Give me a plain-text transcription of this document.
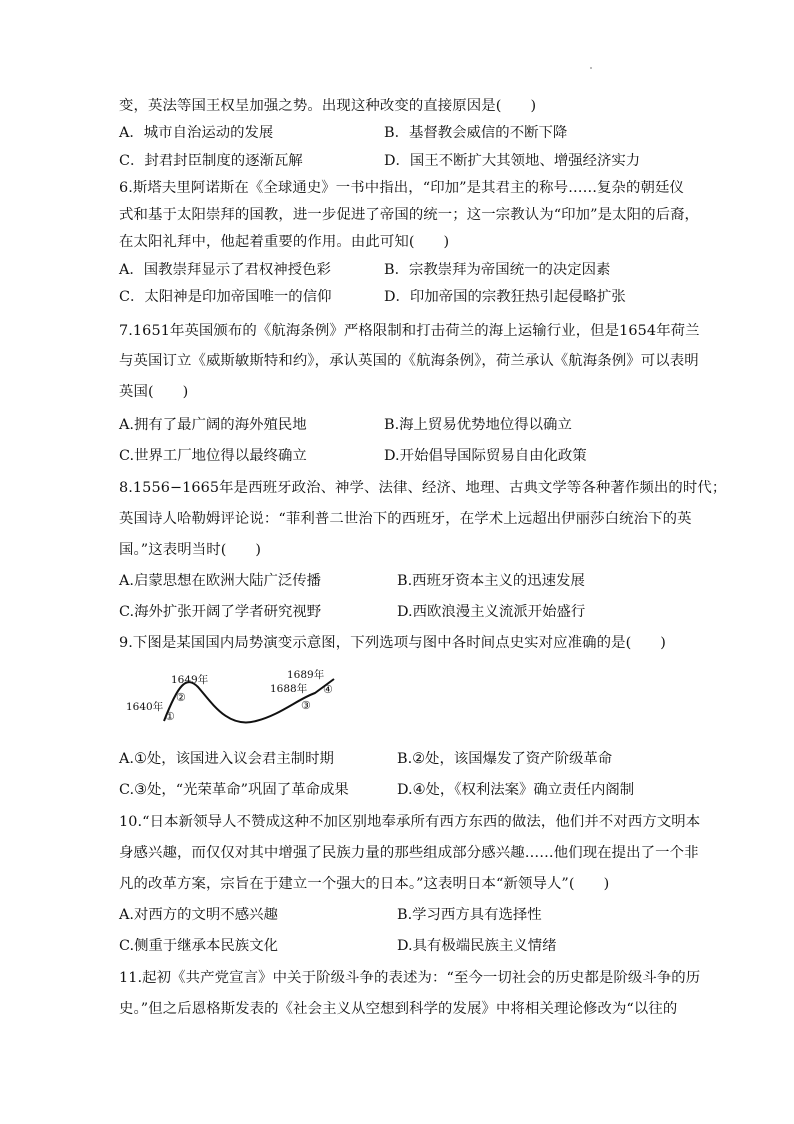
变，英法等国王权呈加强之势。出现这种改变的直接原因是(　　)
A．城市自治运动的发展	B．基督教会威信的不断下降
C．封君封臣制度的逐渐瓦解	D．国王不断扩大其领地、增强经济实力
6.斯塔夫里阿诺斯在《全球通史》一书中指出，“印加”是其君主的称号……复杂的朝廷仪
式和基于太阳崇拜的国教，进一步促进了帝国的统一；这一宗教认为“印加”是太阳的后裔，
在太阳礼拜中，他起着重要的作用。由此可知(　　)
A．国教崇拜显示了君权神授色彩	B．宗教崇拜为帝国统一的决定因素
C．太阳神是印加帝国唯一的信仰	D．印加帝国的宗教狂热引起侵略扩张
7.1651年英国颁布的《航海条例》严格限制和打击荷兰的海上运输行业，但是1654年荷兰
与英国订立《威斯敏斯特和约》，承认英国的《航海条例》，荷兰承认《航海条例》可以表明
英国(　　)
A.拥有了最广阔的海外殖民地	B.海上贸易优势地位得以确立
C.世界工厂地位得以最终确立	D.开始倡导国际贸易自由化政策
8.1556−1665年是西班牙政治、神学、法律、经济、地理、古典文学等各种著作频出的时代；
英国诗人哈勒姆评论说：“菲利普二世治下的西班牙，在学术上远超出伊丽莎白统治下的英
国。”这表明当时(　　)
A.启蒙思想在欧洲大陆广泛传播	B.西班牙资本主义的迅速发展
C.海外扩张开阔了学者研究视野	D.西欧浪漫主义流派开始盛行
9.下图是某国国内局势演变示意图，下列选项与图中各时间点史实对应准确的是(　　)
1640年
1649年
1688年
1689年
①
②
③
④
A.①处，该国进入议会君主制时期	B.②处，该国爆发了资产阶级革命
C.③处，“光荣革命”巩固了革命成果	D.④处，《权利法案》确立责任内阁制
10.“日本新领导人不赞成这种不加区别地奉承所有西方东西的做法，他们并不对西方文明本
身感兴趣，而仅仅对其中增强了民族力量的那些组成部分感兴趣……他们现在提出了一个非
凡的改革方案，宗旨在于建立一个强大的日本。”这表明日本“新领导人”(　　)
A.对西方的文明不感兴趣	B.学习西方具有选择性
C.侧重于继承本民族文化	D.具有极端民族主义情绪
11.起初《共产党宣言》中关于阶级斗争的表述为：“至今一切社会的历史都是阶级斗争的历
史。”但之后恩格斯发表的《社会主义从空想到科学的发展》中将相关理论修改为“以往的
